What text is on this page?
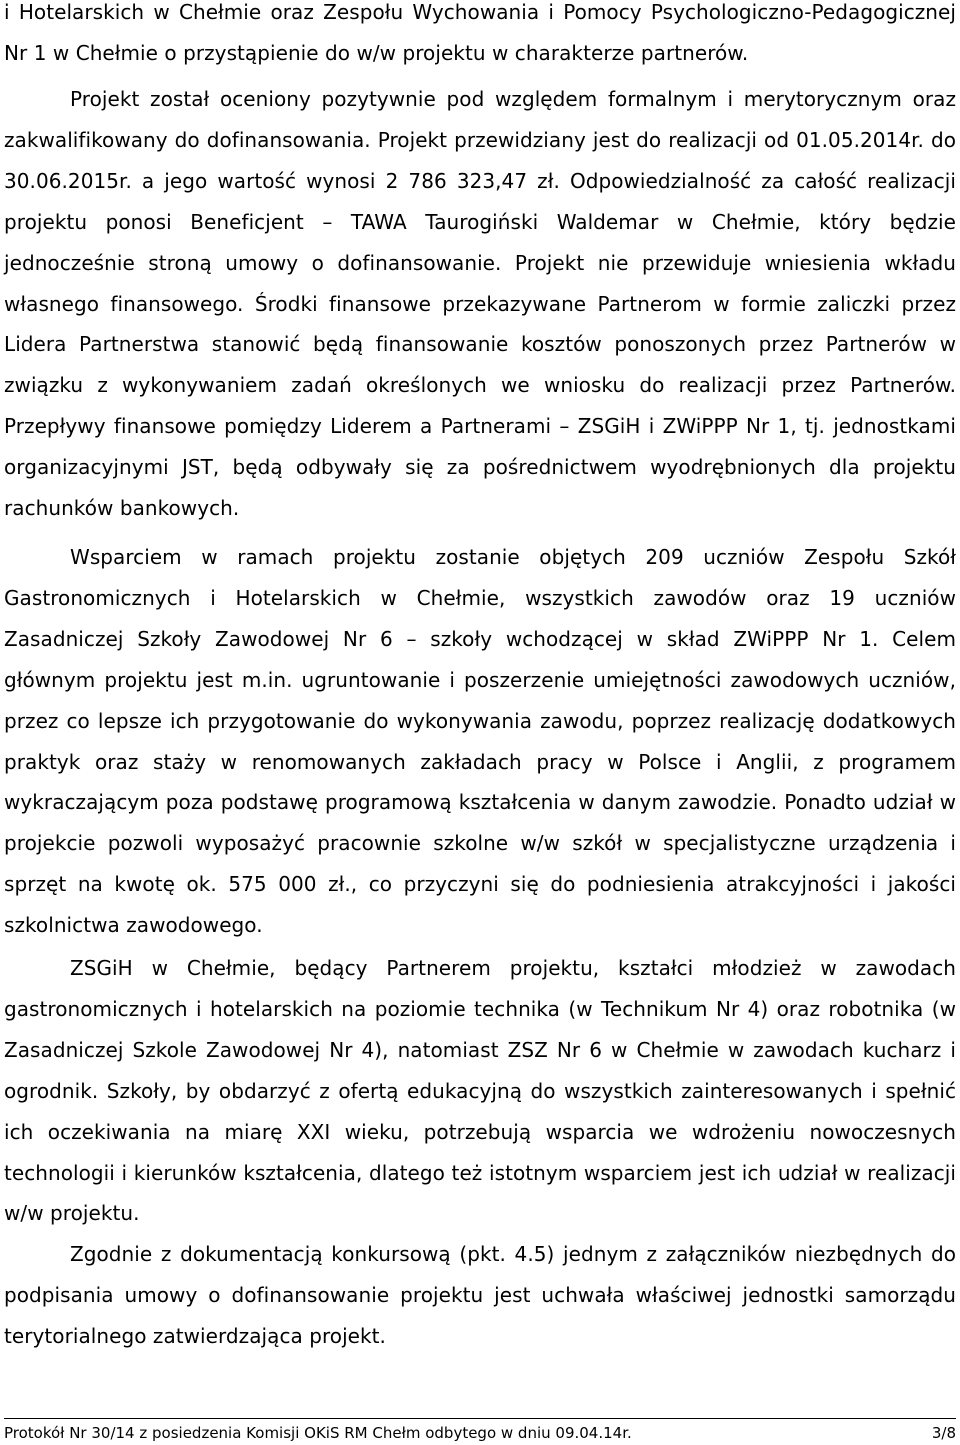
i Hotelarskich w Chełmie oraz Zespołu Wychowania i Pomocy Psychologiczno-Pedagogicznej Nr 1 w Chełmie o przystąpienie do w/w projektu w charakterze partnerów.

Projekt został oceniony pozytywnie pod względem formalnym i merytorycznym oraz zakwalifikowany do dofinansowania. Projekt przewidziany jest do realizacji od 01.05.2014r. do 30.06.2015r. a jego wartość wynosi 2 786 323,47 zł. Odpowiedzialność za całość realizacji projektu ponosi Beneficjent – TAWA Taurogiński Waldemar w Chełmie, który będzie jednocześnie stroną umowy o dofinansowanie. Projekt nie przewiduje wniesienia wkładu własnego finansowego. Środki finansowe przekazywane Partnerom w formie zaliczki przez Lidera Partnerstwa stanowić będą finansowanie kosztów ponoszonych przez Partnerów w związku z wykonywaniem zadań określonych we wniosku do realizacji przez Partnerów. Przepływy finansowe pomiędzy Liderem a Partnerami – ZSGiH i ZWiPPP Nr 1, tj. jednostkami organizacyjnymi JST, będą odbywały się za pośrednictwem wyodrębnionych dla projektu rachunków bankowych.

Wsparciem w ramach projektu zostanie objętych 209 uczniów Zespołu Szkół Gastronomicznych i Hotelarskich w Chełmie, wszystkich zawodów oraz 19 uczniów Zasadniczej Szkoły Zawodowej Nr 6 – szkoły wchodzącej w skład ZWiPPP Nr 1. Celem głównym projektu jest m.in. ugruntowanie i poszerzenie umiejętności zawodowych uczniów, przez co lepsze ich przygotowanie do wykonywania zawodu, poprzez realizację dodatkowych praktyk oraz staży w renomowanych zakładach pracy w Polsce i Anglii, z programem wykraczającym poza podstawę programową kształcenia w danym zawodzie. Ponadto udział w projekcie pozwoli wyposażyć pracownie szkolne w/w szkół w specjalistyczne urządzenia i sprzęt na kwotę ok. 575 000 zł., co przyczyni się do podniesienia atrakcyjności i jakości szkolnictwa zawodowego.

ZSGiH w Chełmie, będący Partnerem projektu, kształci młodzież w zawodach gastronomicznych i hotelarskich na poziomie technika (w Technikum Nr 4) oraz robotnika (w Zasadniczej Szkole Zawodowej Nr 4), natomiast ZSZ Nr 6 w Chełmie w zawodach kucharz i ogrodnik. Szkoły, by obdarzyć z ofertą edukacyjną do wszystkich zainteresowanych i spełnić ich oczekiwania na miarę XXI wieku, potrzebują wsparcia we wdrożeniu nowoczesnych technologii i kierunków kształcenia, dlatego też istotnym wsparciem jest ich udział w realizacji w/w projektu.

Zgodnie z dokumentacją konkursową (pkt. 4.5) jednym z załączników niezbędnych do podpisania umowy o dofinansowanie projektu jest uchwała właściwej jednostki samorządu terytorialnego zatwierdzająca projekt.

Protokół Nr 30/14 z posiedzenia Komisji OKiS RM Chełm odbytego w dniu 09.04.14r.	3/8
